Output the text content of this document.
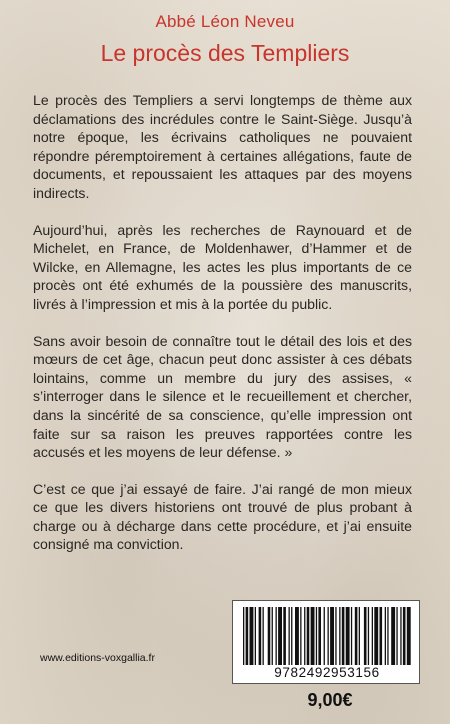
Abbé Léon Neveu
Le procès des Templiers

Le procès des Templiers a servi longtemps de thème aux déclamations des incrédules contre le Saint-Siège. Jusqu’à notre époque, les écrivains catholiques ne pouvaient répondre péremptoirement à certaines allégations, faute de documents, et repoussaient les attaques par des moyens indirects.

Aujourd’hui, après les recherches de Raynouard et de Michelet, en France, de Moldenhawer, d’Hammer et de Wilcke, en Allemagne, les actes les plus importants de ce procès ont été exhumés de la poussière des manuscrits, livrés à l’impression et mis à la portée du public.

Sans avoir besoin de connaître tout le détail des lois et des mœurs de cet âge, chacun peut donc assister à ces débats lointains, comme un membre du jury des assises, « s’interroger dans le silence et le recueillement et chercher, dans la sincérité de sa conscience, qu’elle impression ont faite sur sa raison les preuves rapportées contre les accusés et les moyens de leur défense. »

C’est ce que j’ai essayé de faire. J’ai rangé de mon mieux ce que les divers historiens ont trouvé de plus probant à charge ou à décharge dans cette procédure, et j’ai ensuite consigné ma conviction.

www.editions-voxgallia.fr
9782492953156
9,00€
